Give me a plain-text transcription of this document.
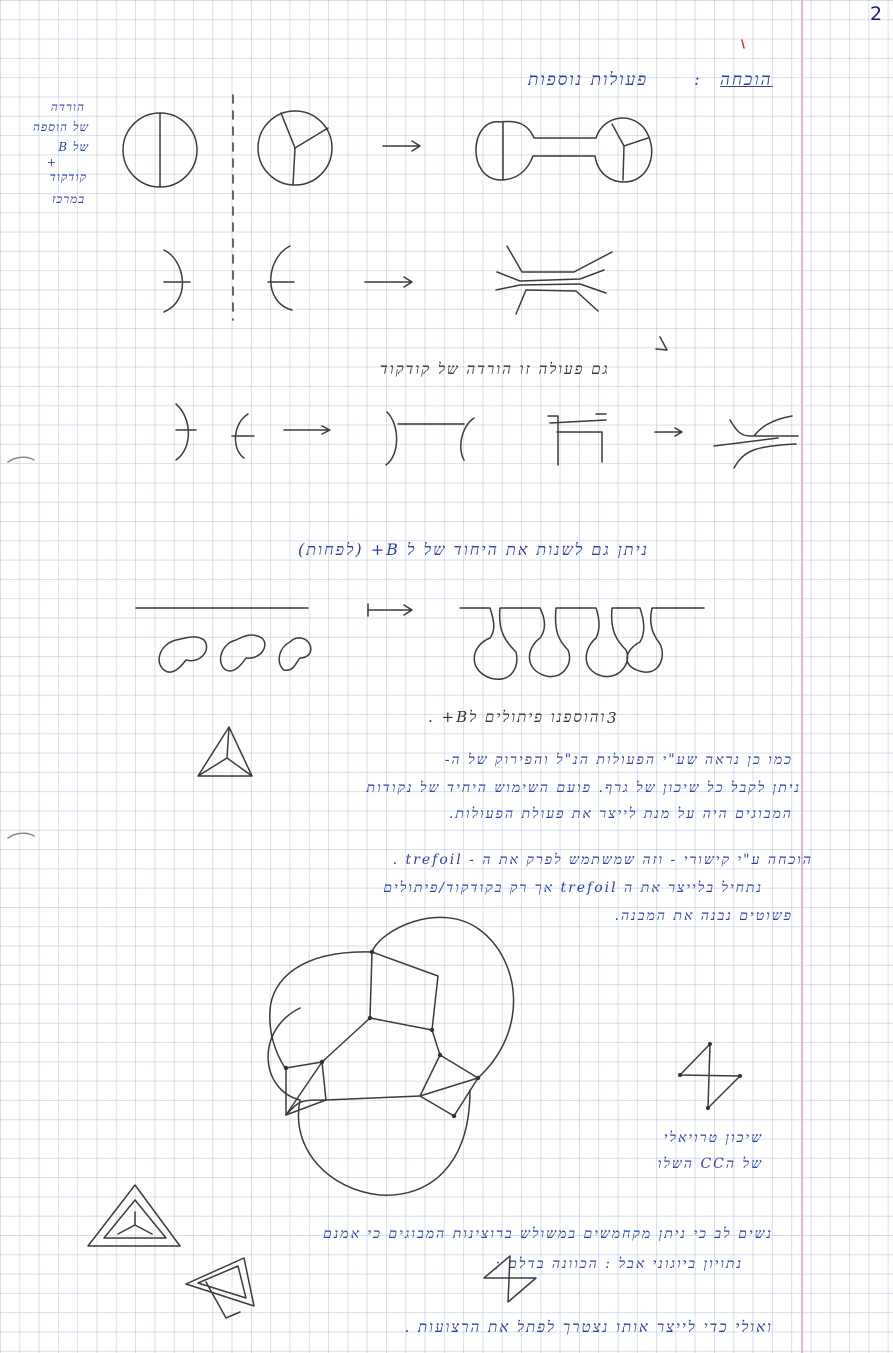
2
פעולות נוספות	: הוכחה
הורדה
של הוספה
של B
+
קודקוד
במרכז
גם פעולה זו הורדה של קודקוד
ניתן גם לשנות את היחוד של ל B+ (לפחות)
והוספנו פיתולים לB+ .
כמו כן נראה שע"י הפעולות הנ"ל והפירוק של ה-
ניתן לקבל כל שיכון של גרף. פועם השימוש היחיד של נקודות
המבוגים היה על מנת לייצר את פעולת הפעולות.
הוכחה ע"י קישורי - וזה שמשתמש לפרק את ה - trefoil .
נתחיל בלייצר את ה trefoil אך רק בקודקוד/פיתולים
פשוטים נבנה את המבנה.
שיכון טרויאלי
של הCC השלו
נשים לב כי ניתן מקחמשים במשולש ברוצינות המבוגים כי אמנם
נתויון ביוגוני אבל : הכוונה בדלם ;
ואולי כדי לייצר אותו נצטרך לפתל את הרצועות .
3
